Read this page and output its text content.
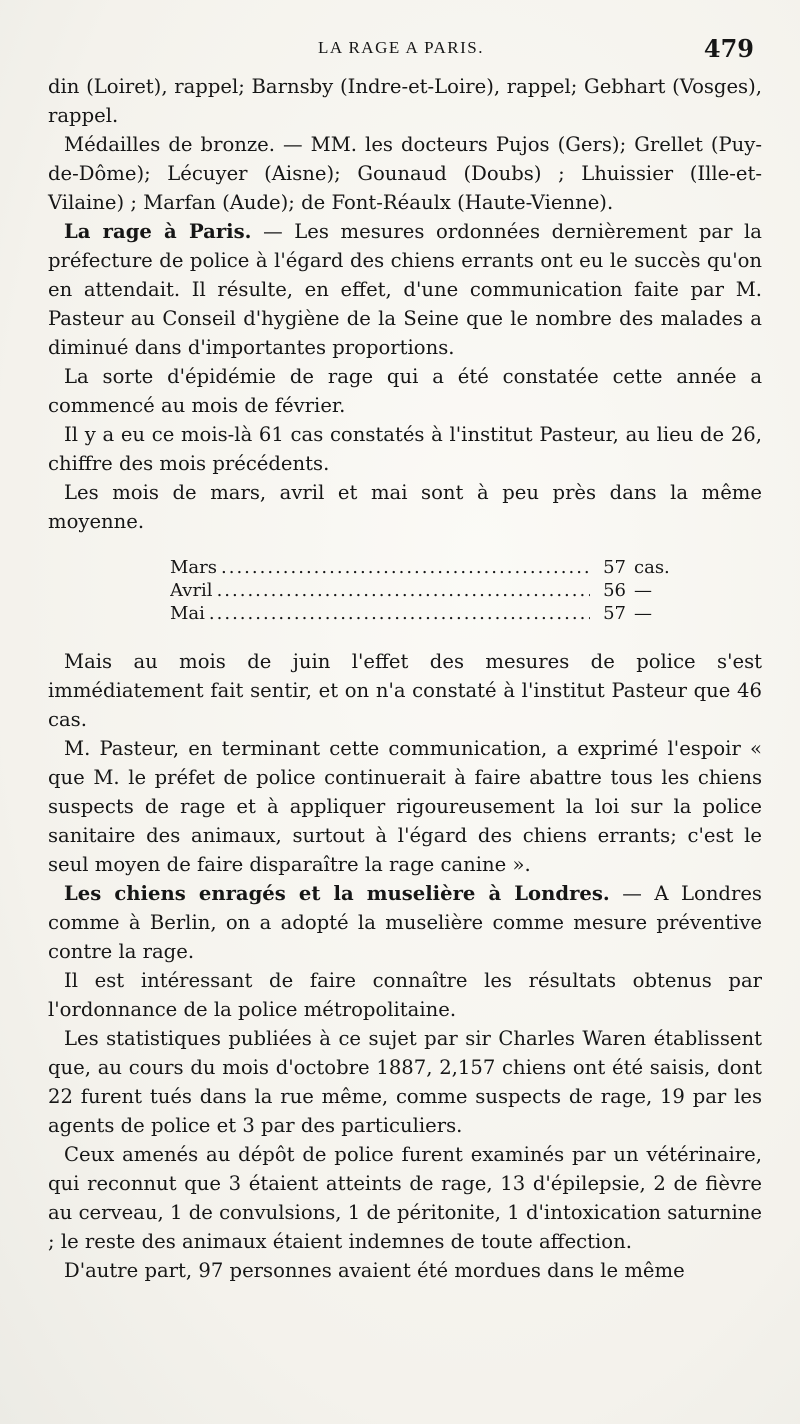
LA RAGE A PARIS.	479

din (Loiret), rappel; Barnsby (Indre-et-Loire), rappel; Gebhart (Vosges), rappel.

Médailles de bronze. — MM. les docteurs Pujos (Gers); Grellet (Puy-de-Dôme); Lécuyer (Aisne); Gounaud (Doubs) ; Lhuissier (Ille-et-Vilaine) ; Marfan (Aude); de Font-Réaulx (Haute-Vienne).

La rage à Paris. — Les mesures ordonnées dernièrement par la préfecture de police à l'égard des chiens errants ont eu le succès qu'on en attendait. Il résulte, en effet, d'une communication faite par M. Pasteur au Conseil d'hygiène de la Seine que le nombre des malades a diminué dans d'importantes proportions.

La sorte d'épidémie de rage qui a été constatée cette année a commencé au mois de février.

Il y a eu ce mois-là 61 cas constatés à l'institut Pasteur, au lieu de 26, chiffre des mois précédents.

Les mois de mars, avril et mai sont à peu près dans la même moyenne.

Mars .....	57 cas.
Avril .....	56 —
Mai .....	57 —

Mais au mois de juin l'effet des mesures de police s'est immédiatement fait sentir, et on n'a constaté à l'institut Pasteur que 46 cas.

M. Pasteur, en terminant cette communication, a exprimé l'espoir « que M. le préfet de police continuerait à faire abattre tous les chiens suspects de rage et à appliquer rigoureusement la loi sur la police sanitaire des animaux, surtout à l'égard des chiens errants; c'est le seul moyen de faire disparaître la rage canine ».

Les chiens enragés et la muselière à Londres. — A Londres comme à Berlin, on a adopté la muselière comme mesure préventive contre la rage.

Il est intéressant de faire connaître les résultats obtenus par l'ordonnance de la police métropolitaine.

Les statistiques publiées à ce sujet par sir Charles Waren établissent que, au cours du mois d'octobre 1887, 2,157 chiens ont été saisis, dont 22 furent tués dans la rue même, comme suspects de rage, 19 par les agents de police et 3 par des particuliers.

Ceux amenés au dépôt de police furent examinés par un vétérinaire, qui reconnut que 3 étaient atteints de rage, 13 d'épilepsie, 2 de fièvre au cerveau, 1 de convulsions, 1 de péritonite, 1 d'intoxication saturnine ; le reste des animaux étaient indemnes de toute affection.

D'autre part, 97 personnes avaient été mordues dans le même
